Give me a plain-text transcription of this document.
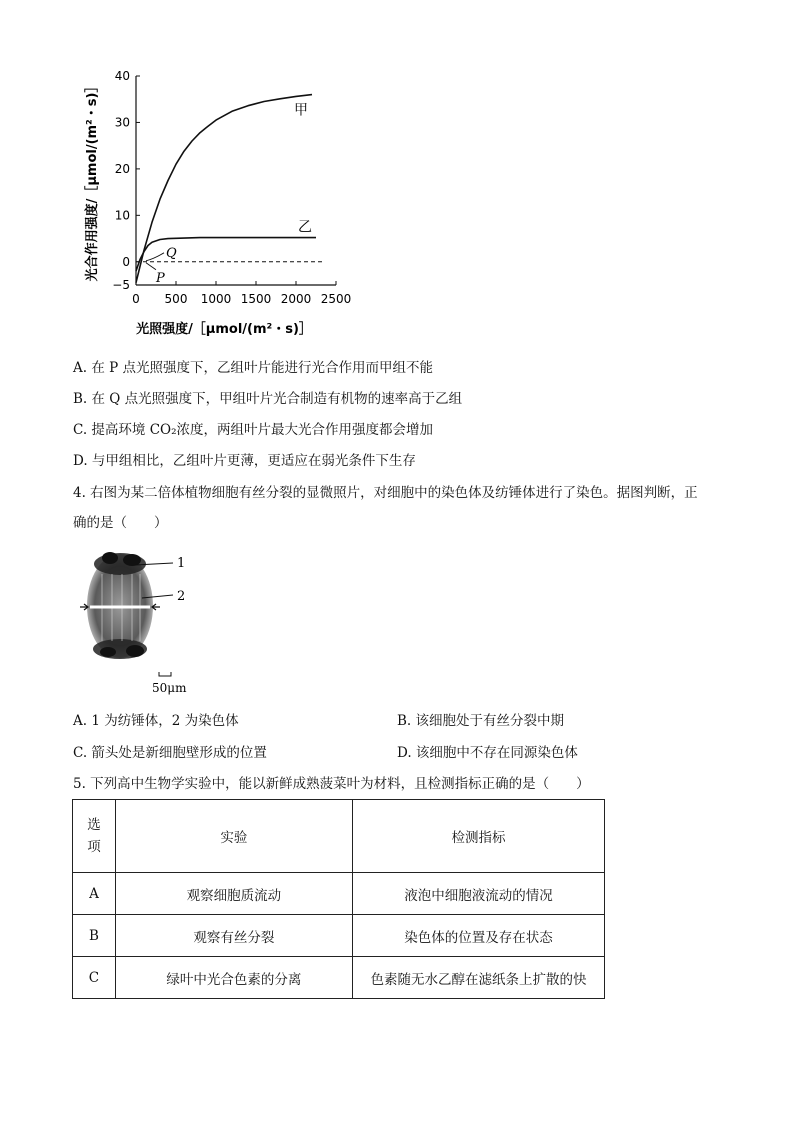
−5
0
10
20
30
40
0 500 1000 1500 2000 2500
甲
乙
P
Q
光照强度/［μmol/(m²・s)］
光合作用强度/［μmol/(m²・s)］
A. 在 P 点光照强度下，乙组叶片能进行光合作用而甲组不能
B. 在 Q 点光照强度下，甲组叶片光合制造有机物的速率高于乙组
C. 提高环境 CO₂浓度，两组叶片最大光合作用强度都会增加
D. 与甲组相比，乙组叶片更薄，更适应在弱光条件下生存
4. 右图为某二倍体植物细胞有丝分裂的显微照片，对细胞中的染色体及纺锤体进行了染色。据图判断，正
确的是（　　）
1
2
50μm
A. 1 为纺锤体，2 为染色体	B. 该细胞处于有丝分裂中期
C. 箭头处是新细胞壁形成的位置	D. 该细胞中不存在同源染色体
5. 下列高中生物学实验中，能以新鲜成熟菠菜叶为材料，且检测指标正确的是（　　）
选项	实验	检测指标
A	观察细胞质流动	液泡中细胞液流动的情况
B	观察有丝分裂	染色体的位置及存在状态
C	绿叶中光合色素的分离	色素随无水乙醇在滤纸条上扩散的快
